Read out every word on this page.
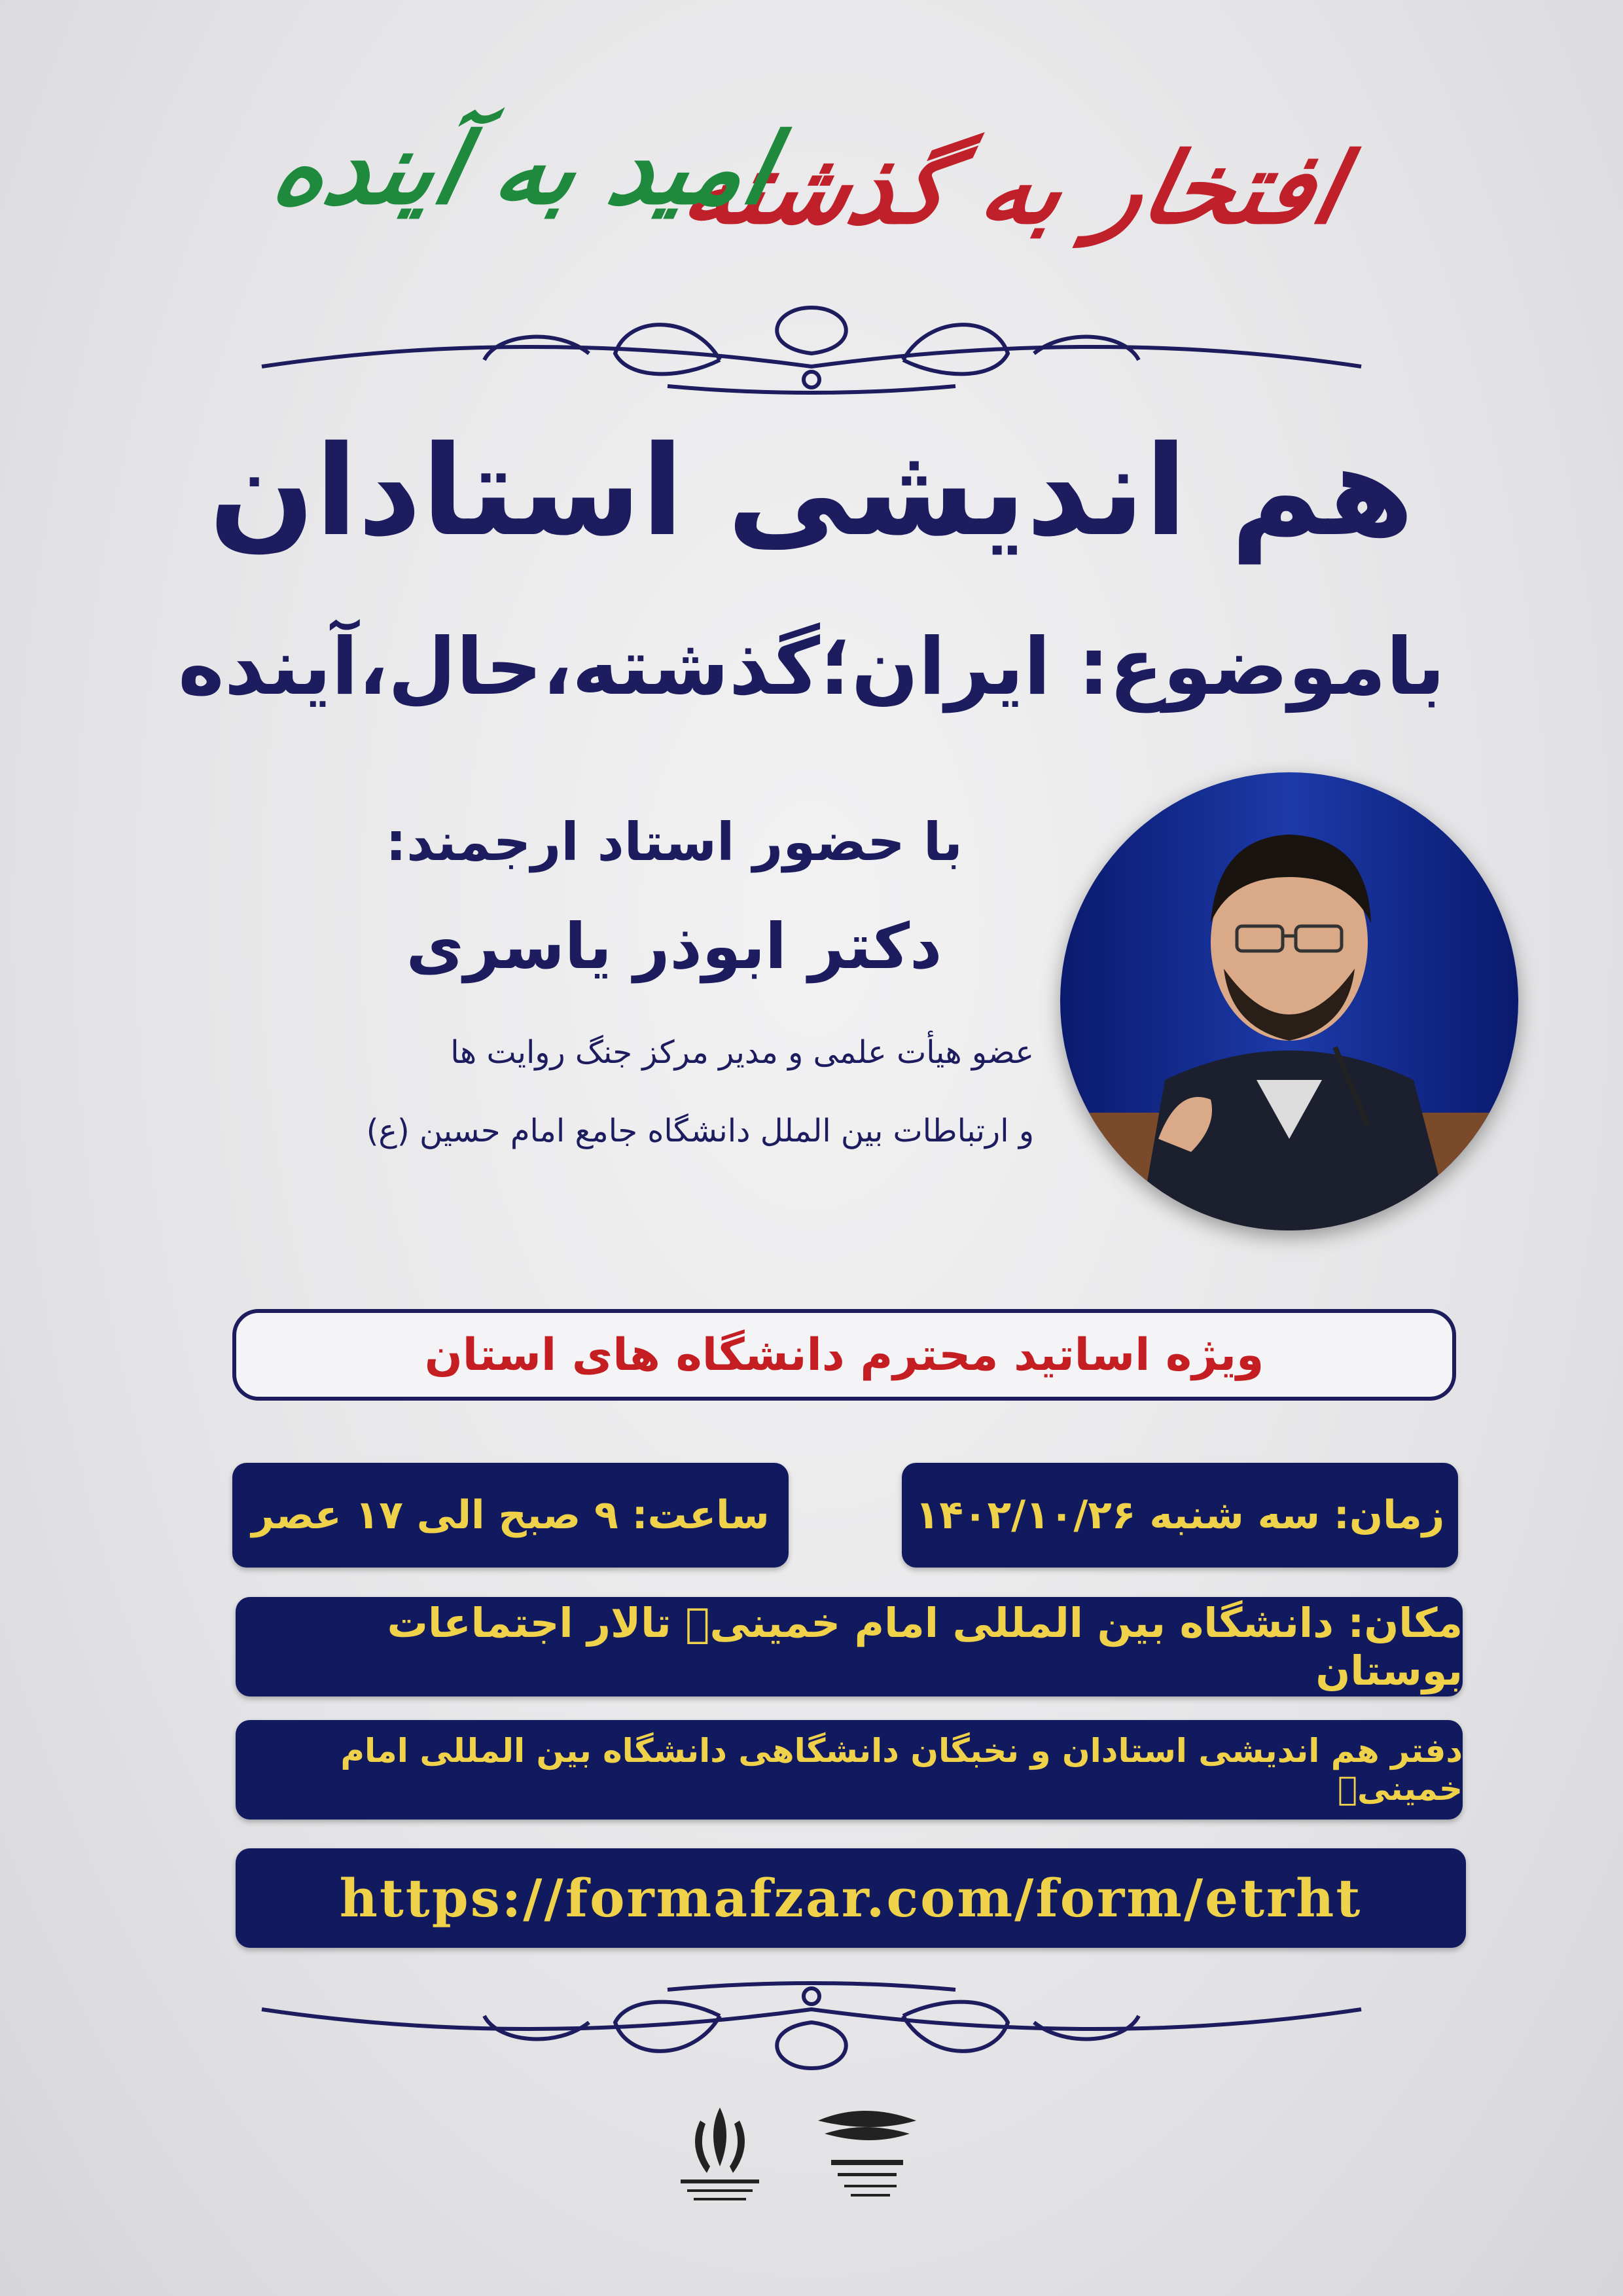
افتخار به گذشته
امید به آینده
هم اندیشی استادان
باموضوع: ایران؛گذشته،حال،آینده
با حضور استاد ارجمند:
دکتر ابوذر یاسری
عضو هیأت علمی و مدیر مرکز جنگ روایت ها
و ارتباطات بین الملل دانشگاه جامع امام حسین (ع)
ویژه اساتید محترم دانشگاه های استان
زمان: سه شنبه ۱۴۰۲/۱۰/۲۶
ساعت: ۹ صبح الی ۱۷ عصر
مکان: دانشگاه بین المللی امام خمینیؒ تالار اجتماعات بوستان
دفتر هم اندیشی استادان و نخبگان دانشگاهی دانشگاه بین المللی امام خمینیؒ
https://formafzar.com/form/etrht
